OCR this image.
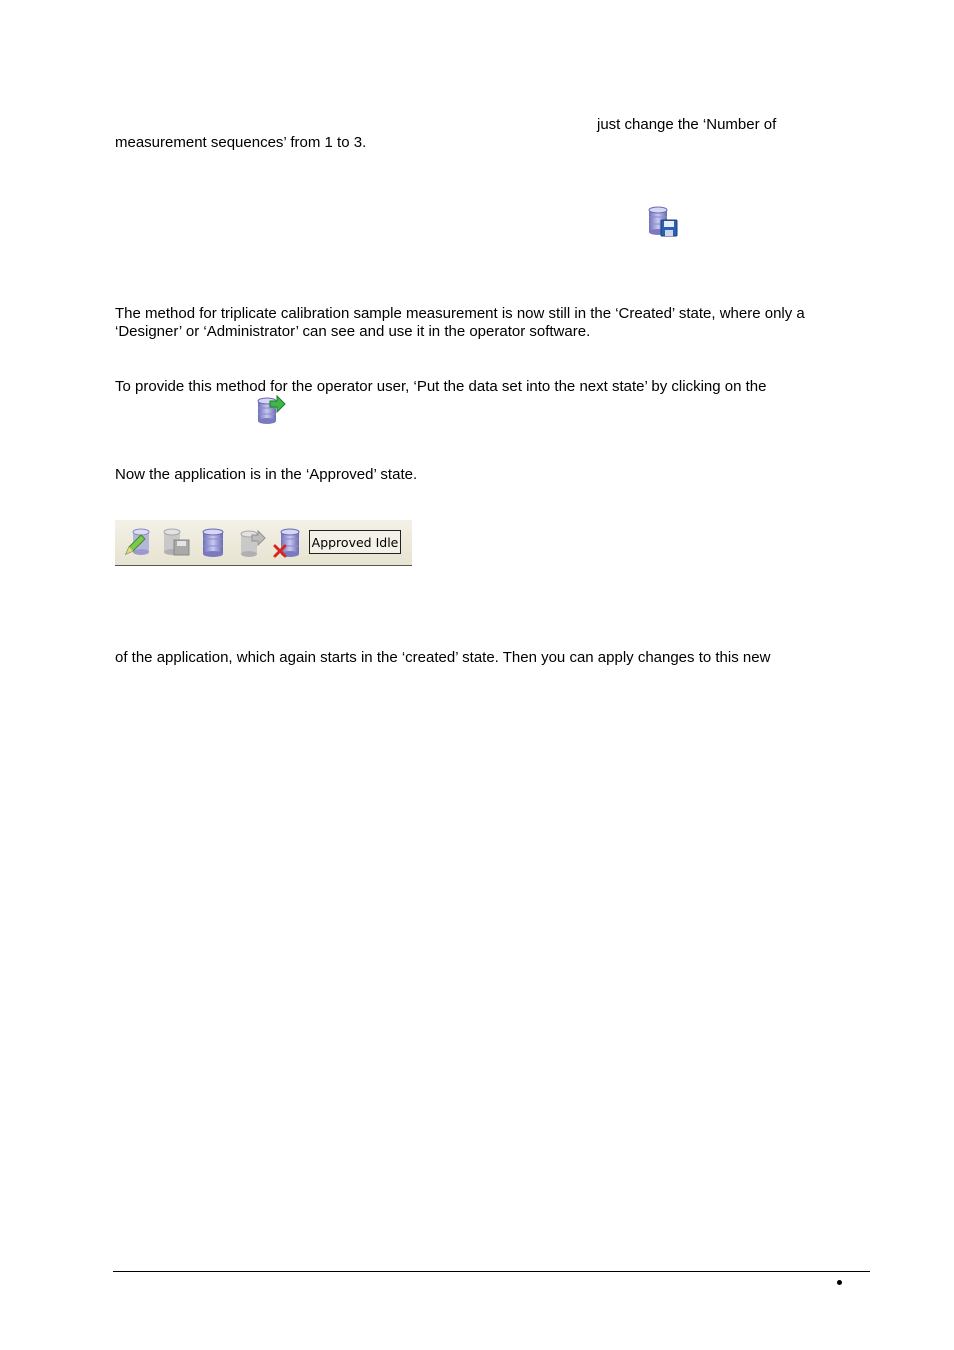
just change the ‘Number of
measurement sequences’ from 1 to 3.
The method for triplicate calibration sample measurement is now still in the ‘Created’ state, where only a
‘Designer’ or ‘Administrator’ can see and use it in the operator software.
To provide this method for the operator user, ‘Put the data set into the next state’ by clicking on the
Now the application is in the ‘Approved’ state.
Approved Idle
of the application, which again starts in the ‘created’ state. Then you can apply changes to this new
